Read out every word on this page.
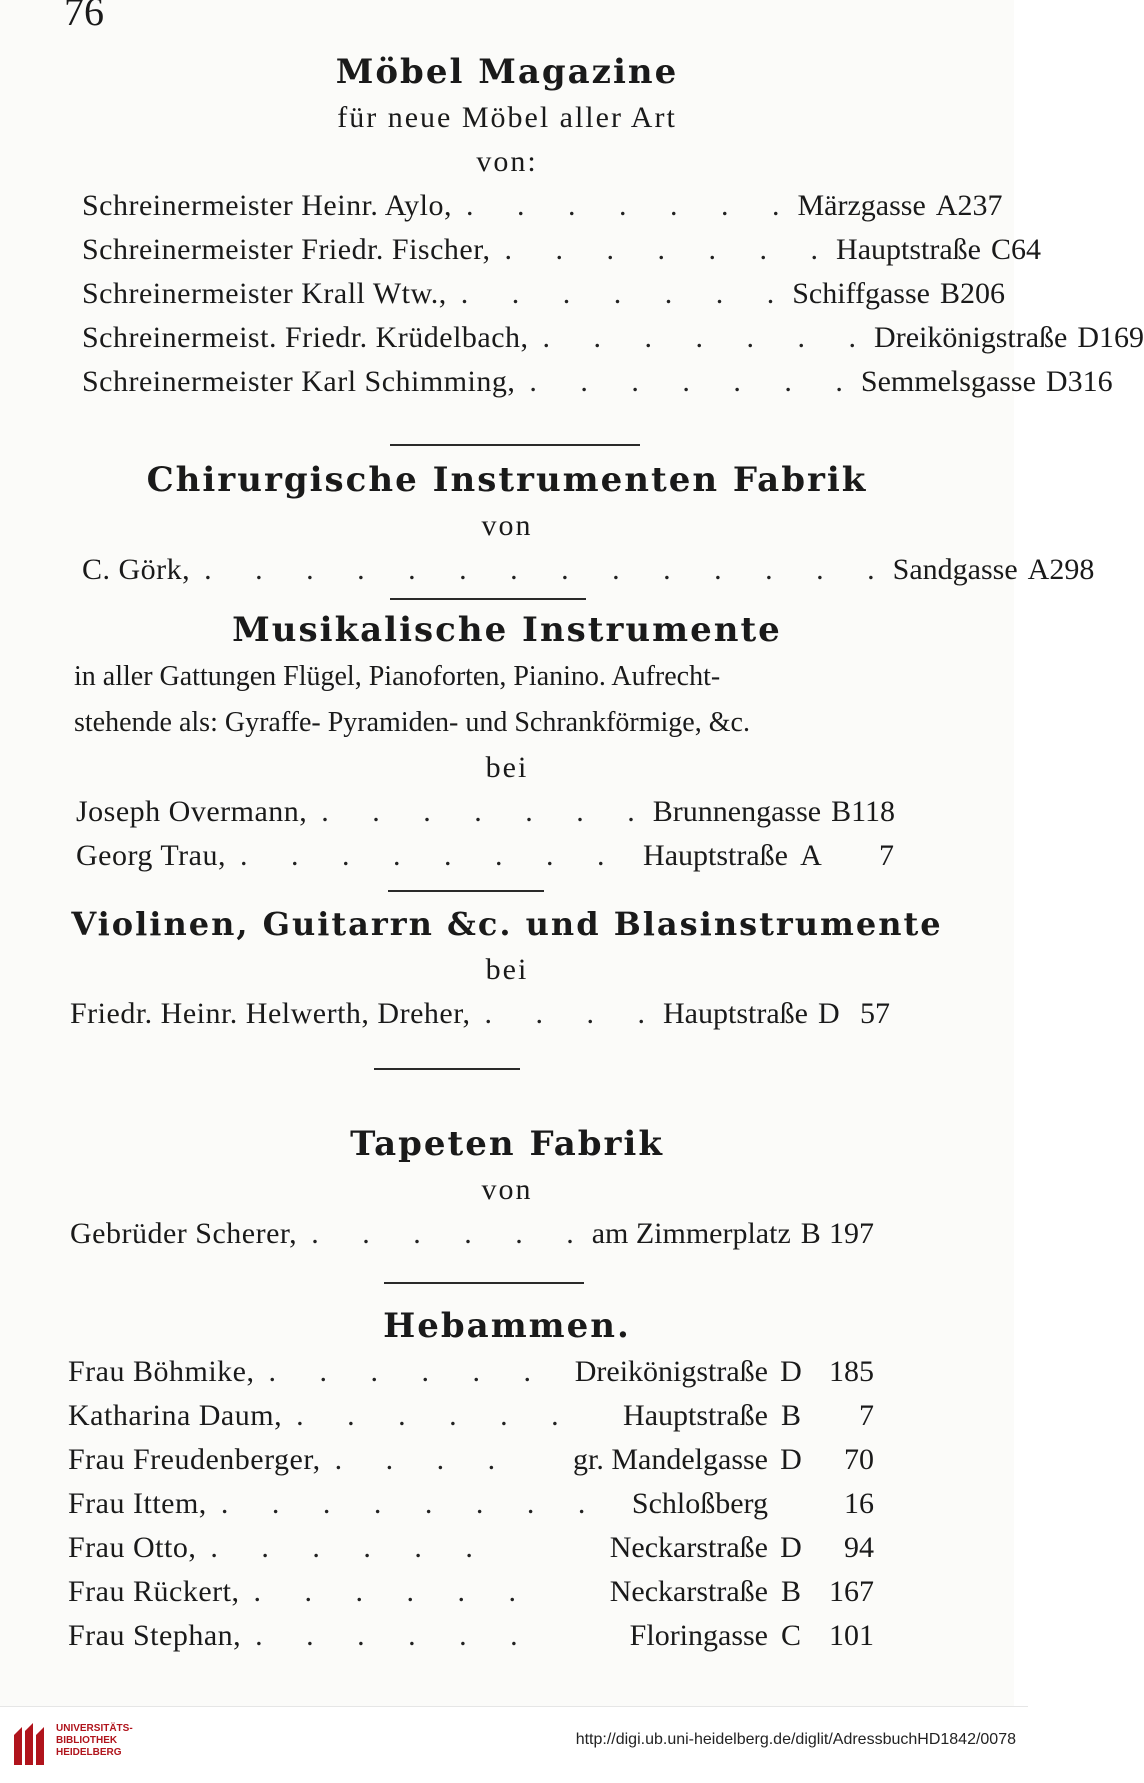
76
Möbel Magazine
für neue Möbel aller Art
von:
Schreinermeister Heinr. Aylo, . . . . . . . Märzgasse A 237
Schreinermeister Friedr. Fischer, . . . . . . . Hauptstraße C 64
Schreinermeister Krall Wtw., . . . . . . . Schiffgasse B 206
Schreinermeist. Friedr. Krüdelbach, . . . . . . . Dreikönigstraße D 169
Schreinermeister Karl Schimming, . . . . . . . Semmelsgasse D 316
Chirurgische Instrumenten Fabrik
von
C. Görk, . . . . . . . . . . . . . . Sandgasse A 298
Musikalische Instrumente
in aller Gattungen Flügel, Pianoforten, Pianino. Aufrecht-
stehende als: Gyraffe- Pyramiden- und Schrankförmige, &c.
bei
Joseph Overmann, . . . . . . . Brunnengasse B 118
Georg Trau, . . . . . . . . Hauptstraße A	7
Violinen, Guitarrn &c. und Blasinstrumente
bei
Friedr. Heinr. Helwerth, Dreher, . . . . Hauptstraße D 57
Tapeten Fabrik
von
Gebrüder Scherer, . . . . . . am Zimmerplatz B 197
Hebammen.
Frau Böhmike, . . . . . . Dreikönigstraße D 185
Katharina Daum, . . . . . .	Hauptstraße B	7
Frau Freudenberger, . . . .	gr. Mandelgasse D	70
Frau Ittem, . . . . . . . . Schloßberg	16
Frau Otto, . . . . . .	Neckarstraße D	94
Frau Rückert, . . . . . .	Neckarstraße B 167
Frau Stephan, . . . . . .	Floringasse C 101
UNIVERSITÄTS-
BIBLIOTHEK
HEIDELBERG
http://digi.ub.uni-heidelberg.de/diglit/AdressbuchHD1842/0078
